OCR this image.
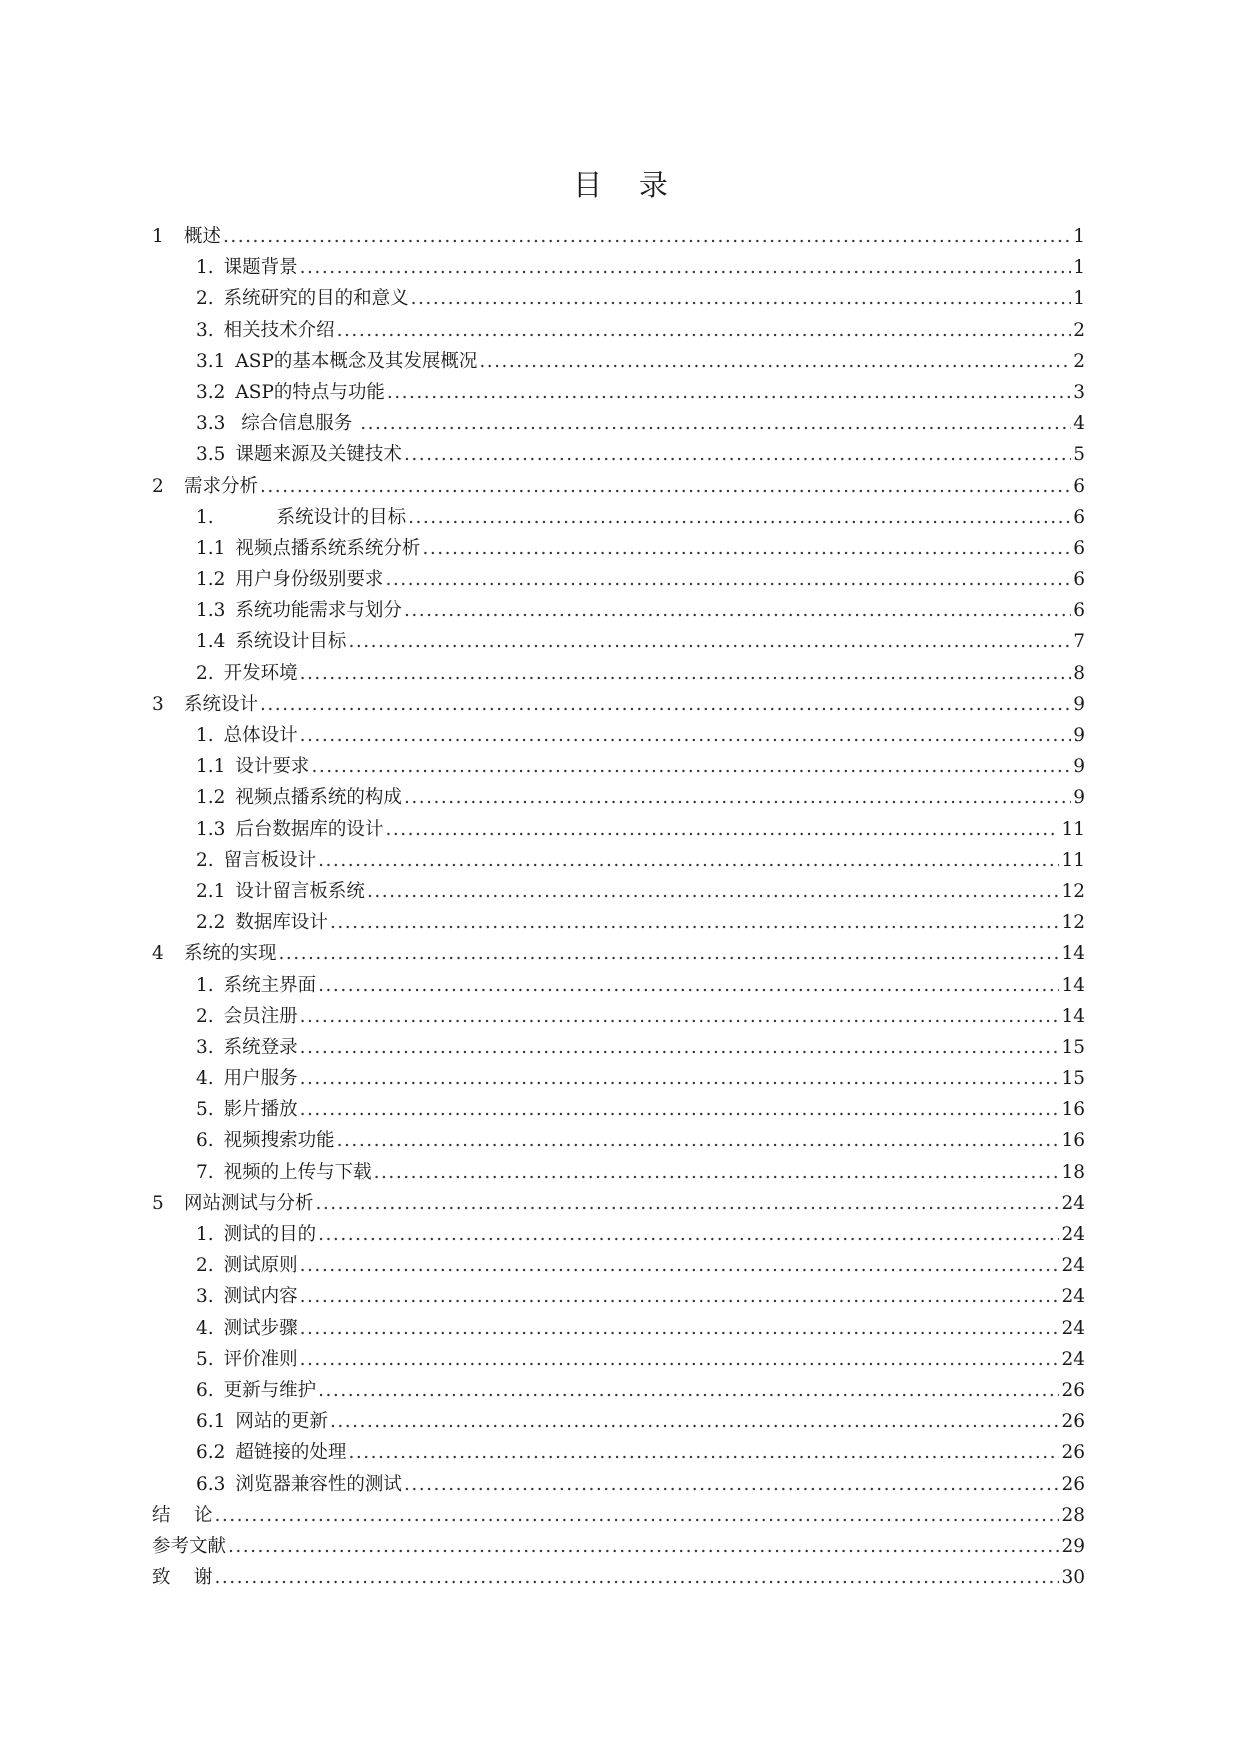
目    录
1	概述 .....	1
1. 课题背景 .....	1
2. 系统研究的目的和意义 .....	1
3. 相关技术介绍 .....	2
3.1 ASP的基本概念及其发展概况 .....	2
3.2 ASP的特点与功能 .....	3
3.3 综合信息服务 .....	4
3.5 课题来源及关键技术 .....	5
2	需求分析 .....	6
1. 系统设计的目标 .....	6
1.1 视频点播系统系统分析 .....	6
1.2 用户身份级别要求 .....	6
1.3 系统功能需求与划分 .....	6
1.4 系统设计目标 .....	7
2. 开发环境 .....	8
3	系统设计 .....	9
1. 总体设计 .....	9
1.1 设计要求 .....	9
1.2 视频点播系统的构成 .....	9
1.3 后台数据库的设计 .....	11
2. 留言板设计 .....	11
2.1 设计留言板系统 .....	12
2.2 数据库设计 .....	12
4	系统的实现 .....	14
1. 系统主界面 .....	14
2. 会员注册 .....	14
3. 系统登录 .....	15
4. 用户服务 .....	15
5. 影片播放 .....	16
6. 视频搜索功能 .....	16
7. 视频的上传与下载 .....	18
5	网站测试与分析 .....	24
1. 测试的目的 .....	24
2. 测试原则 .....	24
3. 测试内容 .....	24
4. 测试步骤 .....	24
5. 评价准则 .....	24
6. 更新与维护 .....	26
6.1 网站的更新 .....	26
6.2 超链接的处理 .....	26
6.3 浏览器兼容性的测试 .....	26
结    论 .....	28
参考文献 .....	29
致    谢 .....	30
